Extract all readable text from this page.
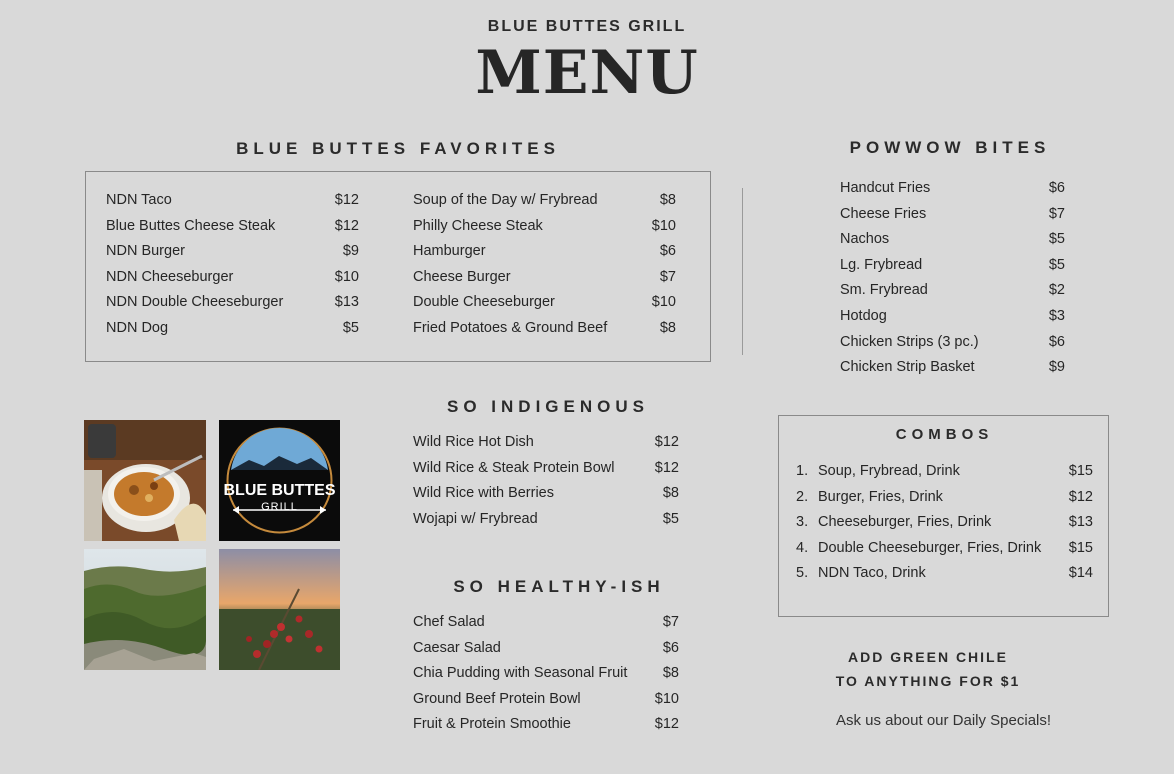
BLUE BUTTES GRILL
MENU
BLUE BUTTES FAVORITES
NDN Taco	$12
Blue Buttes Cheese Steak	$12
NDN Burger	$9
NDN Cheeseburger	$10
NDN Double Cheeseburger	$13
NDN Dog	$5
Soup of the Day w/ Frybread	$8
Philly Cheese Steak	$10
Hamburger	$6
Cheese Burger	$7
Double Cheeseburger	$10
Fried Potatoes & Ground Beef	$8
POWWOW BITES
Handcut Fries	$6
Cheese Fries	$7
Nachos	$5
Lg. Frybread	$5
Sm. Frybread	$2
Hotdog	$3
Chicken Strips (3 pc.)	$6
Chicken Strip Basket	$9
BLUE BUTTES
GRILL
SO INDIGENOUS
Wild Rice Hot Dish	$12
Wild Rice & Steak Protein Bowl	$12
Wild Rice with Berries	$8
Wojapi w/ Frybread	$5
SO HEALTHY-ISH
Chef Salad	$7
Caesar Salad	$6
Chia Pudding with Seasonal Fruit $8
Ground Beef Protein Bowl	$10
Fruit & Protein Smoothie	$12
COMBOS
1. Soup, Frybread, Drink	$15
2. Burger, Fries, Drink	$12
3. Cheeseburger, Fries, Drink	$13
4. Double Cheeseburger, Fries, Drink $15
5. NDN Taco, Drink	$14
ADD GREEN CHILE
TO ANYTHING FOR $1
Ask us about our Daily Specials!
